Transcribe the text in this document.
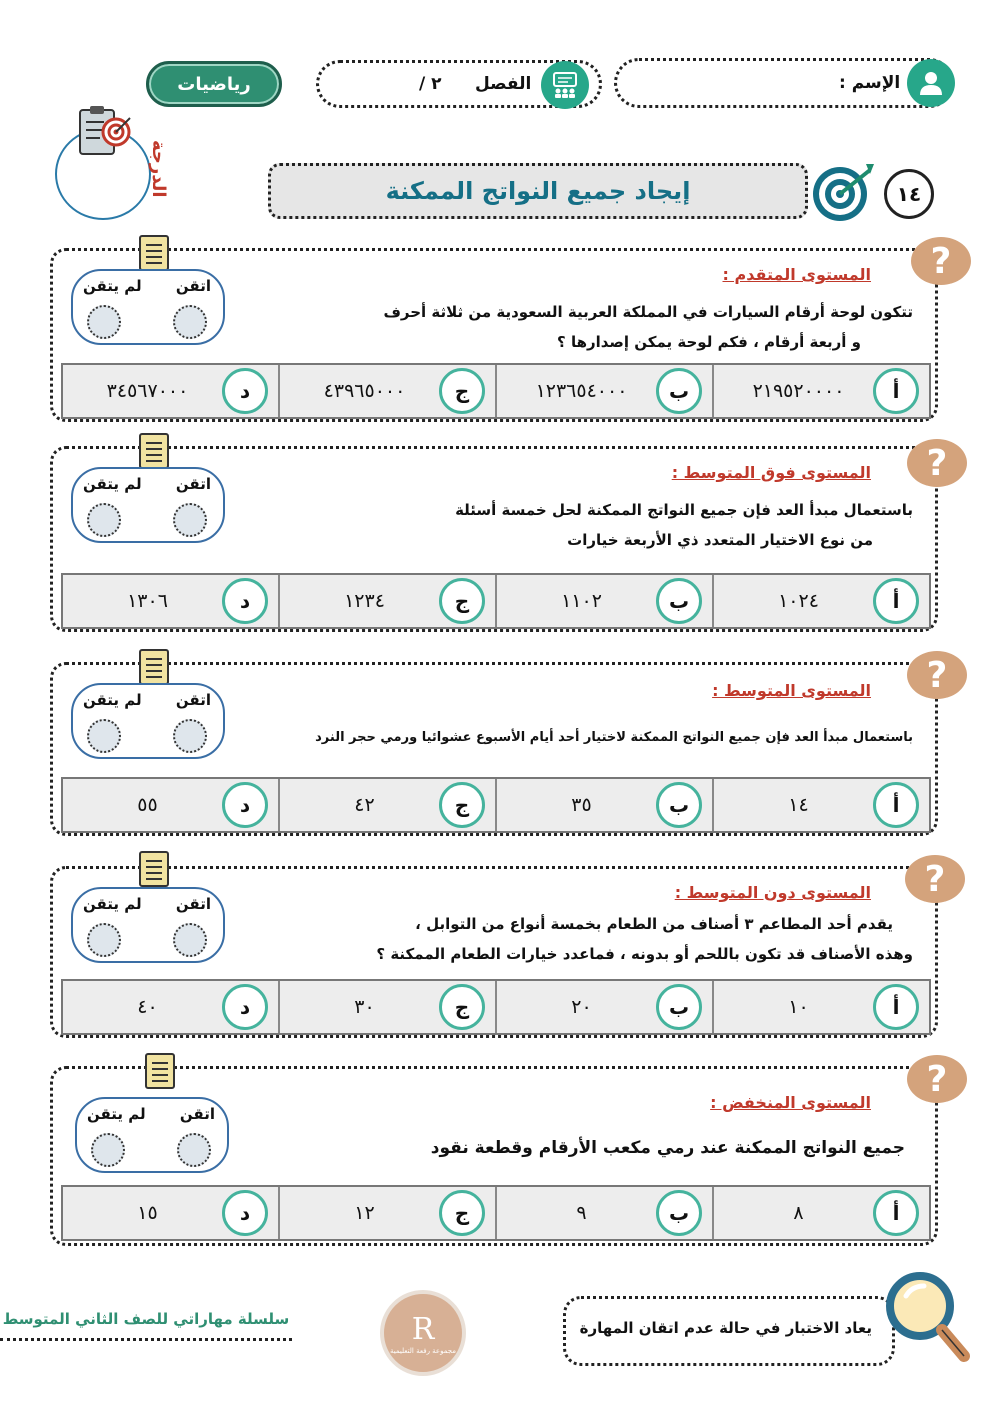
رياضيات	الفصل
٢ /	الإسم :
الدرجة	إيجاد جميع النواتج الممكنة	١٤
?
المستوى المتقدم :
تتكون لوحة أرقام السيارات في المملكة العربية السعودية من ثلاثة أحرف
و أربعة أرقام ، فكم لوحة يمكن إصدارها ؟
اتقن
لم يتقن
أ
٢١٩٥٢٠٠٠٠
ب
١٢٣٦٥٤٠٠٠
ج
٤٣٩٦٥٠٠٠
د
٣٤٥٦٧٠٠٠
?
المستوى فوق المتوسط :
باستعمال مبدأ العد فإن جميع النواتج الممكنة لحل خمسة أسئلة
من نوع الاختيار المتعدد ذي الأربعة خيارات
اتقن
لم يتقن
أ
١٠٢٤
ب
١١٠٢
ج
١٢٣٤
د
١٣٠٦
?
المستوى المتوسط :
باستعمال مبدأ العد فإن جميع النواتج الممكنة لاختيار أحد أيام الأسبوع عشوائيا ورمي حجر النرد
اتقن
لم يتقن
أ
١٤
ب
٣٥
ج
٤٢
د
٥٥
?
المستوى دون المتوسط :
يقدم أحد المطاعم ٣ أصناف من الطعام بخمسة أنواع من التوابل ،
وهذه الأصناف قد تكون باللحم أو بدونه ، فماعدد خيارات الطعام الممكنة ؟
اتقن
لم يتقن
أ
١٠
ب
٢٠
ج
٣٠
د
٤٠
?
المستوى المنخفض :
جميع النواتج الممكنة عند رمي مكعب الأرقام وقطعة نقود
اتقن
لم يتقن
أ
٨
ب
٩
ج
١٢
د
١٥
يعاد الاختبار في حالة عدم اتقان المهارة
R
مجموعة رفعة التعليمية
سلسلة مهاراتي للصف الثاني المتوسط
